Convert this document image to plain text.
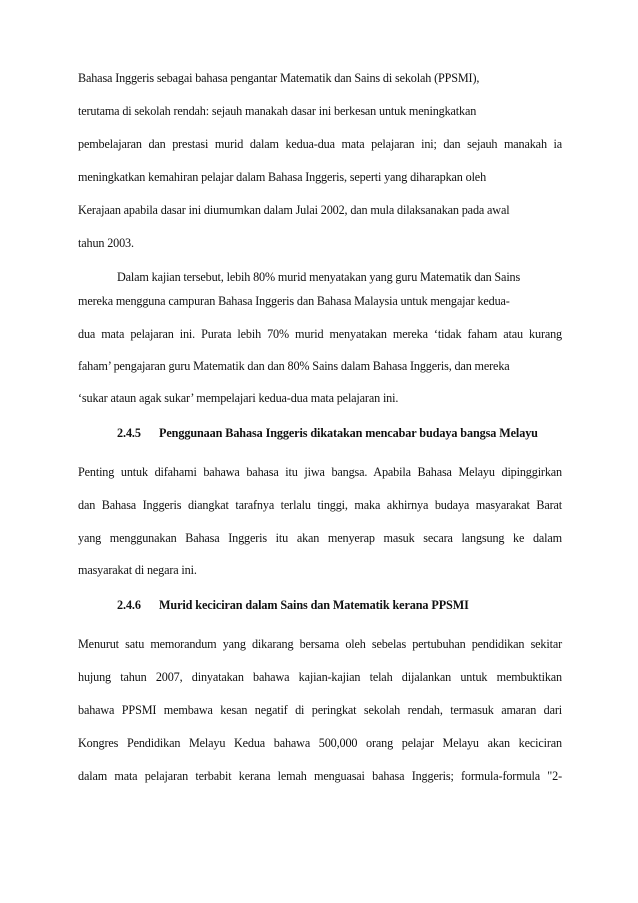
Bahasa Inggeris sebagai bahasa pengantar Matematik dan Sains di sekolah (PPSMI),
terutama di sekolah rendah: sejauh manakah dasar ini berkesan untuk meningkatkan
pembelajaran dan prestasi murid dalam kedua-dua mata pelajaran ini; dan sejauh manakah ia
meningkatkan kemahiran pelajar dalam Bahasa Inggeris, seperti yang diharapkan oleh
Kerajaan apabila dasar ini diumumkan dalam Julai 2002, dan mula dilaksanakan pada awal
tahun 2003.
Dalam kajian tersebut, lebih 80% murid menyatakan yang guru Matematik dan Sains
mereka mengguna campuran Bahasa Inggeris dan Bahasa Malaysia untuk mengajar kedua-
dua mata pelajaran ini. Purata lebih 70% murid menyatakan mereka ‘tidak faham atau kurang
faham’ pengajaran guru Matematik dan dan 80% Sains dalam Bahasa Inggeris, dan mereka
‘sukar ataun agak sukar’ mempelajari kedua-dua mata pelajaran ini.
2.4.5 Penggunaan Bahasa Inggeris dikatakan mencabar budaya bangsa Melayu
Penting untuk difahami bahawa bahasa itu jiwa bangsa. Apabila Bahasa Melayu dipinggirkan
dan Bahasa Inggeris diangkat tarafnya terlalu tinggi, maka akhirnya budaya masyarakat Barat
yang menggunakan Bahasa Inggeris itu akan menyerap masuk secara langsung ke dalam
masyarakat di negara ini.
2.4.6 Murid keciciran dalam Sains dan Matematik kerana PPSMI
Menurut satu memorandum yang dikarang bersama oleh sebelas pertubuhan pendidikan sekitar
hujung tahun 2007, dinyatakan bahawa kajian-kajian telah dijalankan untuk membuktikan
bahawa PPSMI membawa kesan negatif di peringkat sekolah rendah, termasuk amaran dari
Kongres Pendidikan Melayu Kedua bahawa 500,000 orang pelajar Melayu akan keciciran
dalam mata pelajaran terbabit kerana lemah menguasai bahasa Inggeris; formula-formula "2-
